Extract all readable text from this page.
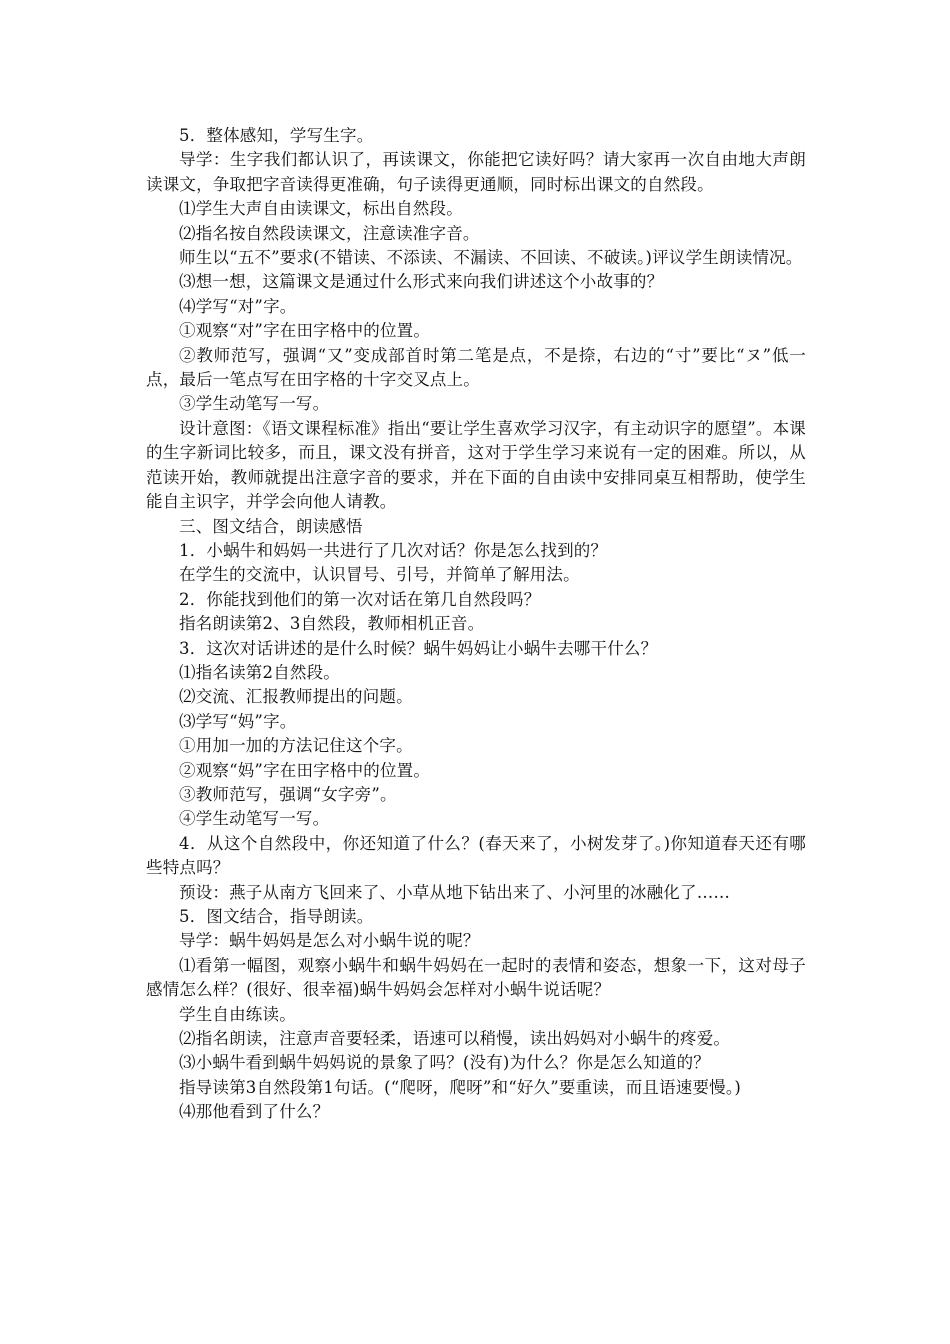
5．整体感知，学写生字。

导学：生字我们都认识了，再读课文，你能把它读好吗？请大家再一次自由地大声朗读课文，争取把字音读得更准确，句子读得更通顺，同时标出课文的自然段。

⑴学生大声自由读课文，标出自然段。

⑵指名按自然段读课文，注意读准字音。

师生以“五不”要求(不错读、不添读、不漏读、不回读、不破读。)评议学生朗读情况。

⑶想一想，这篇课文是通过什么形式来向我们讲述这个小故事的？

⑷学写“对”字。

①观察“对”字在田字格中的位置。

②教师范写，强调“又”变成部首时第二笔是点，不是捺，右边的“寸”要比“ヌ”低一点，最后一笔点写在田字格的十字交叉点上。

③学生动笔写一写。

设计意图：《语文课程标准》指出“要让学生喜欢学习汉字，有主动识字的愿望”。本课的生字新词比较多，而且，课文没有拼音，这对于学生学习来说有一定的困难。所以，从范读开始，教师就提出注意字音的要求，并在下面的自由读中安排同桌互相帮助，使学生能自主识字，并学会向他人请教。

三、图文结合，朗读感悟

1．小蜗牛和妈妈一共进行了几次对话？你是怎么找到的？

在学生的交流中，认识冒号、引号，并简单了解用法。

2．你能找到他们的第一次对话在第几自然段吗？

指名朗读第2、3自然段，教师相机正音。

3．这次对话讲述的是什么时候？蜗牛妈妈让小蜗牛去哪干什么？

⑴指名读第2自然段。

⑵交流、汇报教师提出的问题。

⑶学写“妈”字。

①用加一加的方法记住这个字。

②观察“妈”字在田字格中的位置。

③教师范写，强调“女字旁”。

④学生动笔写一写。

4．从这个自然段中，你还知道了什么？(春天来了，小树发芽了。)你知道春天还有哪些特点吗？

预设：燕子从南方飞回来了、小草从地下钻出来了、小河里的冰融化了……

5．图文结合，指导朗读。

导学：蜗牛妈妈是怎么对小蜗牛说的呢？

⑴看第一幅图，观察小蜗牛和蜗牛妈妈在一起时的表情和姿态，想象一下，这对母子感情怎么样？(很好、很幸福)蜗牛妈妈会怎样对小蜗牛说话呢？

学生自由练读。

⑵指名朗读，注意声音要轻柔，语速可以稍慢，读出妈妈对小蜗牛的疼爱。

⑶小蜗牛看到蜗牛妈妈说的景象了吗？(没有)为什么？你是怎么知道的？

指导读第3自然段第1句话。(“爬呀，爬呀”和“好久”要重读，而且语速要慢。)

⑷那他看到了什么？
